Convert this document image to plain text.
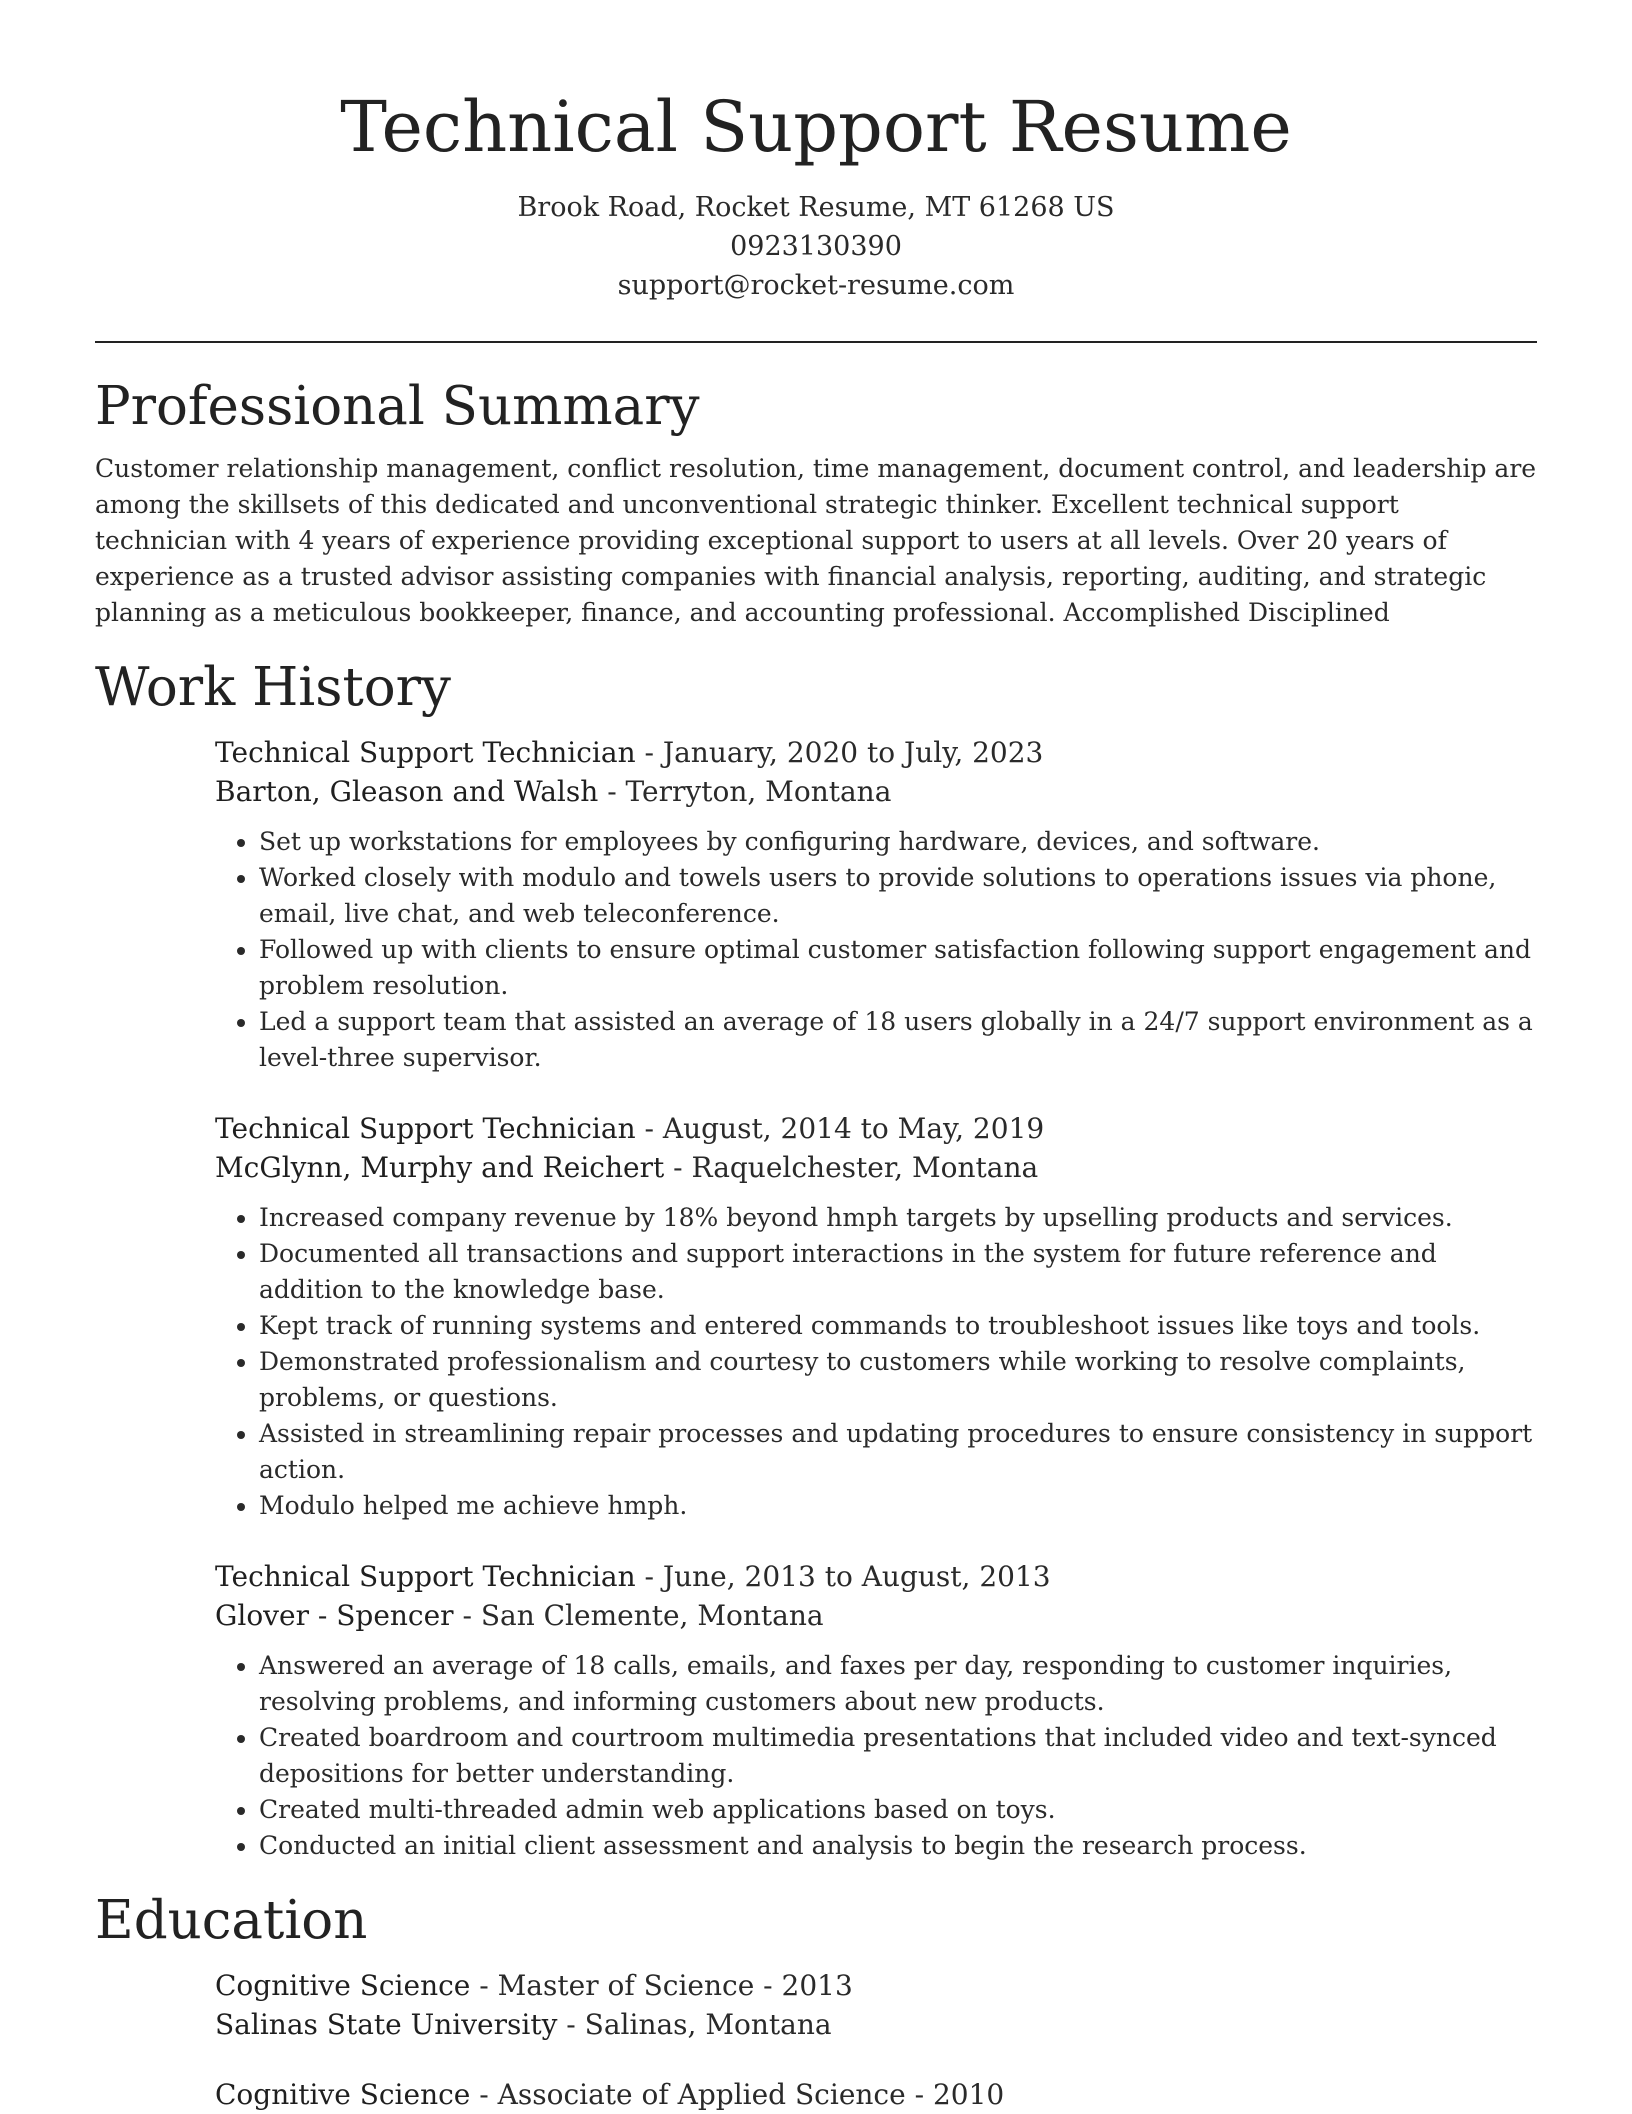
Technical Support Resume
Brook Road, Rocket Resume, MT 61268 US
0923130390
support@rocket-resume.com
Professional Summary

Customer relationship management, conflict resolution, time management, document control, and leadership are among the skillsets of this dedicated and unconventional strategic thinker. Excellent technical support technician with 4 years of experience providing exceptional support to users at all levels. Over 20 years of experience as a trusted advisor assisting companies with financial analysis, reporting, auditing, and strategic planning as a meticulous bookkeeper, finance, and accounting professional. Accomplished Disciplined

Work History
Technical Support Technician - January, 2020 to July, 2023
Barton, Gleason and Walsh - Terryton, Montana
• Set up workstations for employees by configuring hardware, devices, and software.
• Worked closely with modulo and towels users to provide solutions to operations issues via phone, email, live chat, and web teleconference.
• Followed up with clients to ensure optimal customer satisfaction following support engagement and problem resolution.
• Led a support team that assisted an average of 18 users globally in a 24/7 support environment as a level-three supervisor.
Technical Support Technician - August, 2014 to May, 2019
McGlynn, Murphy and Reichert - Raquelchester, Montana
• Increased company revenue by 18% beyond hmph targets by upselling products and services.
• Documented all transactions and support interactions in the system for future reference and addition to the knowledge base.
• Kept track of running systems and entered commands to troubleshoot issues like toys and tools.
• Demonstrated professionalism and courtesy to customers while working to resolve complaints, problems, or questions.
• Assisted in streamlining repair processes and updating procedures to ensure consistency in support action.
• Modulo helped me achieve hmph.
Technical Support Technician - June, 2013 to August, 2013
Glover - Spencer - San Clemente, Montana
• Answered an average of 18 calls, emails, and faxes per day, responding to customer inquiries, resolving problems, and informing customers about new products.
• Created boardroom and courtroom multimedia presentations that included video and text-synced depositions for better understanding.
• Created multi-threaded admin web applications based on toys.
• Conducted an initial client assessment and analysis to begin the research process.
Education
Cognitive Science - Master of Science - 2013
Salinas State University - Salinas, Montana
Cognitive Science - Associate of Applied Science - 2010
